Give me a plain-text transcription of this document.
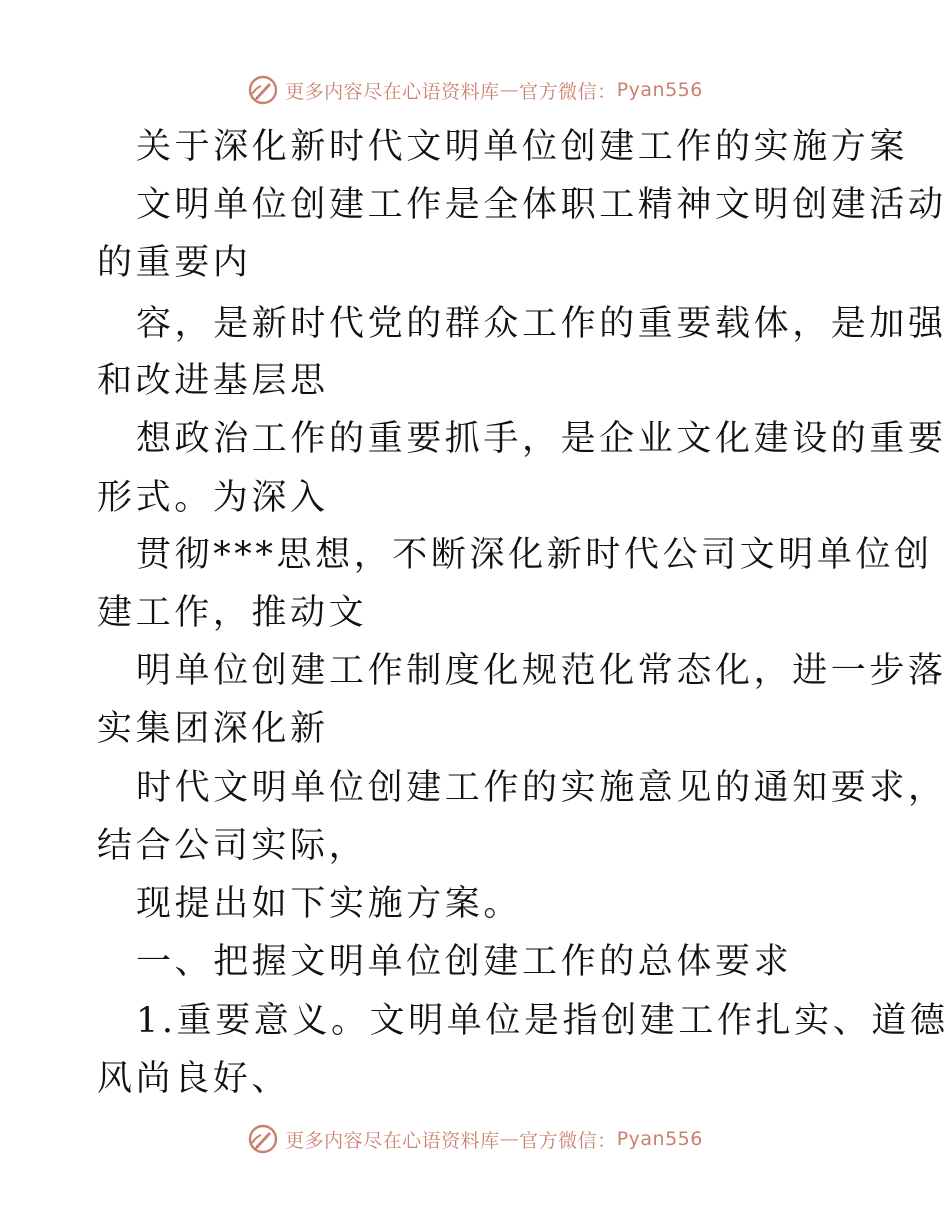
更多内容尽在心语资料库 — 官方微信： Pyan556
关于深化新时代文明单位创建工作的实施方案
文明单位创建工作是全体职工精神文明创建活动
的重要内
容，是新时代党的群众工作的重要载体，是加强
和改进基层思
想政治工作的重要抓手，是企业文化建设的重要
形式。为深入
贯彻***思想，不断深化新时代公司文明单位创
建工作，推动文
明单位创建工作制度化规范化常态化，进一步落
实集团深化新
时代文明单位创建工作的实施意见的通知要求，
结合公司实际，
现提出如下实施方案。
一、把握文明单位创建工作的总体要求
1.重要意义。文明单位是指创建工作扎实、道德
风尚良好、
更多内容尽在心语资料库 — 官方微信： Pyan556
